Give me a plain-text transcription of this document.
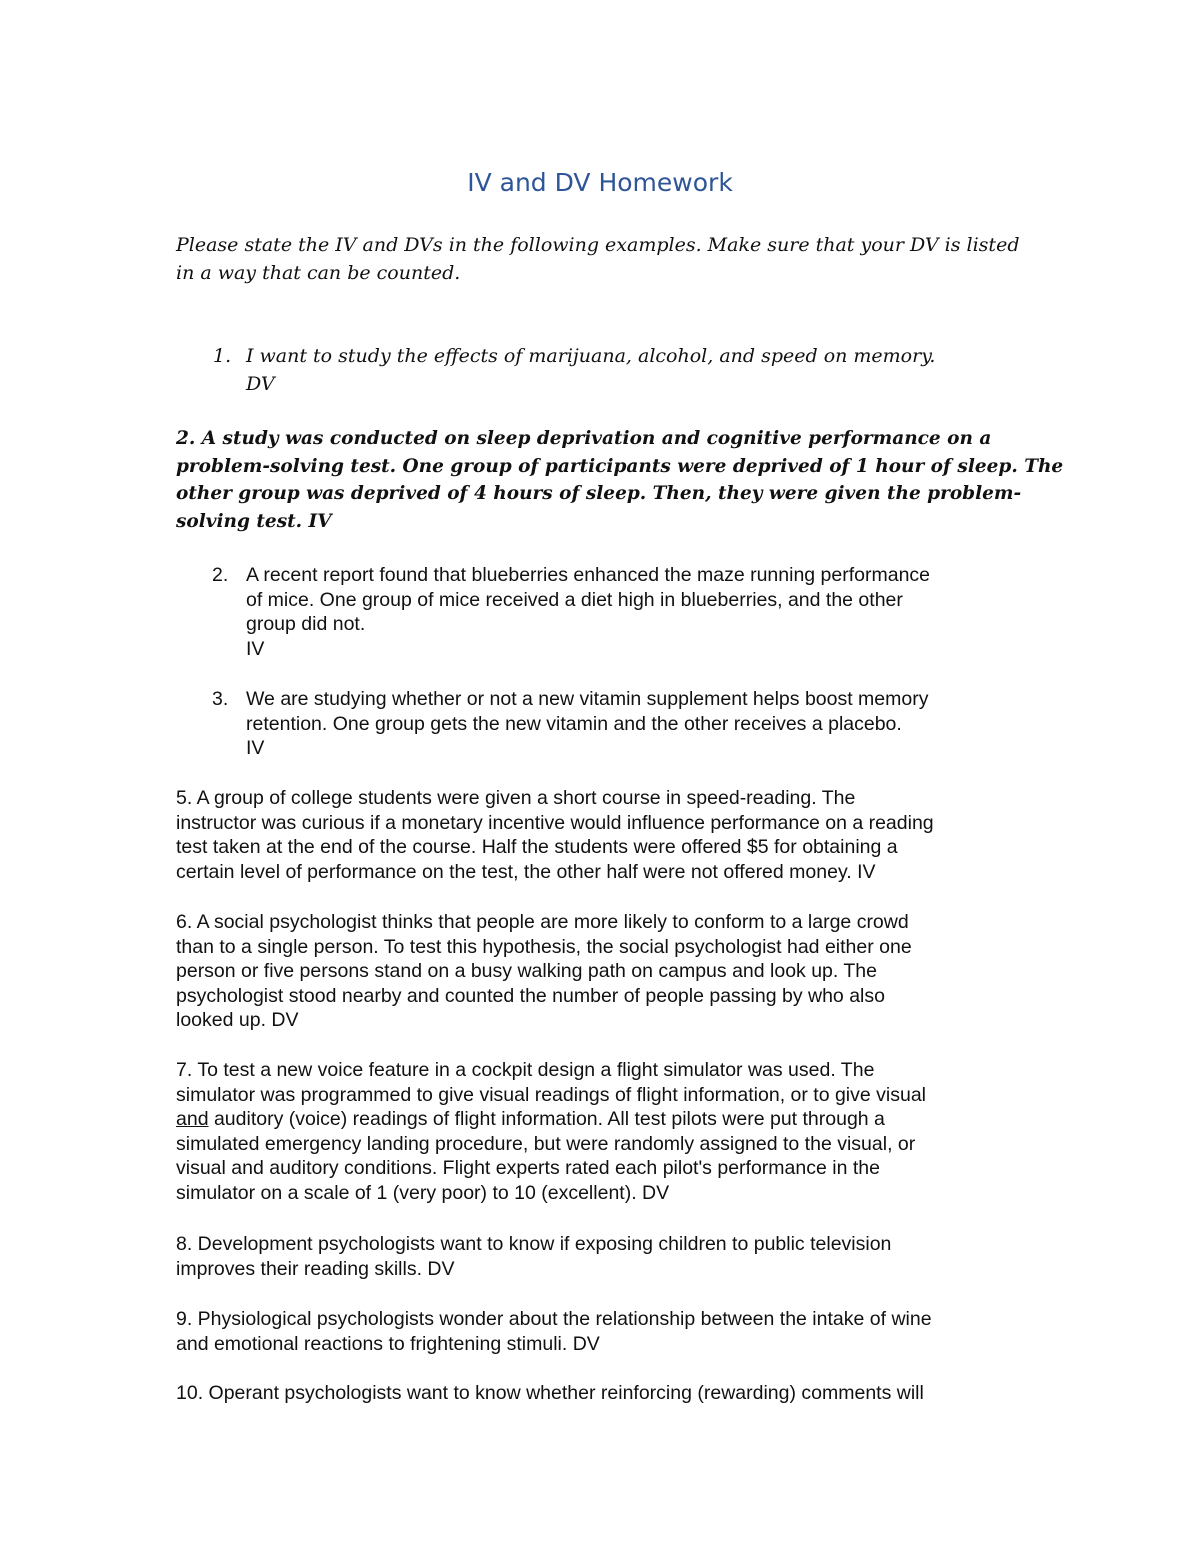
IV and DV Homework

Please state the IV and DVs in the following examples. Make sure that your DV is listed

in a way that can be counted.

1. I want to study the effects of marijuana, alcohol, and speed on memory.

DV

2. A study was conducted on sleep deprivation and cognitive performance on a

problem-solving test. One group of participants were deprived of 1 hour of sleep. The

other group was deprived of 4 hours of sleep. Then, they were given the problem-

solving test. IV

2. A recent report found that blueberries enhanced the maze running performance

of mice. One group of mice received a diet high in blueberries, and the other

group did not.

IV

3. We are studying whether or not a new vitamin supplement helps boost memory

retention. One group gets the new vitamin and the other receives a placebo.

IV

5. A group of college students were given a short course in speed-reading. The

instructor was curious if a monetary incentive would influence performance on a reading

test taken at the end of the course. Half the students were offered $5 for obtaining a

certain level of performance on the test, the other half were not offered money. IV

6. A social psychologist thinks that people are more likely to conform to a large crowd

than to a single person. To test this hypothesis, the social psychologist had either one

person or five persons stand on a busy walking path on campus and look up. The

psychologist stood nearby and counted the number of people passing by who also

looked up. DV

7. To test a new voice feature in a cockpit design a flight simulator was used. The

simulator was programmed to give visual readings of flight information, or to give visual

and auditory (voice) readings of flight information. All test pilots were put through a

simulated emergency landing procedure, but were randomly assigned to the visual, or

visual and auditory conditions. Flight experts rated each pilot's performance in the

simulator on a scale of 1 (very poor) to 10 (excellent). DV

8. Development psychologists want to know if exposing children to public television

improves their reading skills. DV

9. Physiological psychologists wonder about the relationship between the intake of wine

and emotional reactions to frightening stimuli. DV

10. Operant psychologists want to know whether reinforcing (rewarding) comments will
